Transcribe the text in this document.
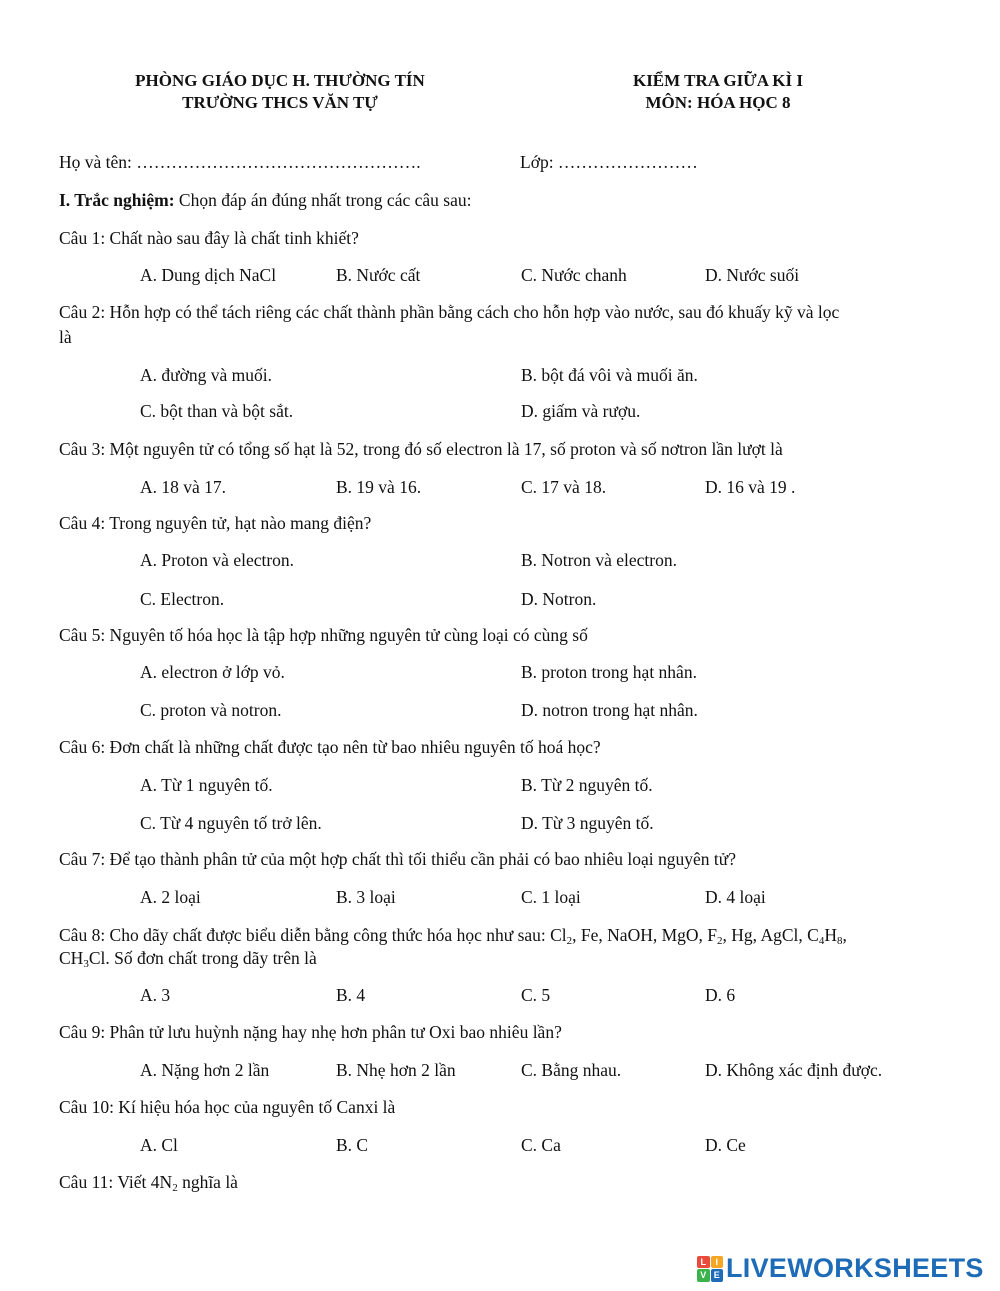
PHÒNG GIÁO DỤC H. THƯỜNG TÍN
TRƯỜNG THCS VĂN TỰ
KIỂM TRA GIỮA KÌ I
MÔN: HÓA HỌC 8
Họ và tên: ………………………………………….	Lớp: ……………………
I. Trắc nghiệm: Chọn đáp án đúng nhất trong các câu sau:
Câu 1: Chất nào sau đây là chất tinh khiết?
A. Dung dịch NaCl	B. Nước cất	C. Nước chanh	D. Nước suối
Câu 2: Hỗn hợp có thể tách riêng các chất thành phần bằng cách cho hỗn hợp vào nước, sau đó khuấy kỹ và lọc
là
A. đường và muối.	B. bột đá vôi và muối ăn.
C. bột than và bột sắt.	D. giấm và rượu.
Câu 3: Một nguyên tử có tổng số hạt là 52, trong đó số electron là 17, số proton và số nơtron lần lượt là
A. 18 và 17.	B. 19 và 16.	C. 17 và 18.	D. 16 và 19 .
Câu 4: Trong nguyên tử, hạt nào mang điện?
A. Proton và electron.	B. Notron và electron.
C. Electron.	D. Notron.
Câu 5: Nguyên tố hóa học là tập hợp những nguyên tử cùng loại có cùng số
A. electron ở lớp vỏ.	B. proton trong hạt nhân.
C. proton và notron.	D. notron trong hạt nhân.
Câu 6: Đơn chất là những chất được tạo nên từ bao nhiêu nguyên tố hoá học?
A. Từ 1 nguyên tố.	B. Từ 2 nguyên tố.
C. Từ 4 nguyên tố trở lên.	D. Từ 3 nguyên tố.
Câu 7: Để tạo thành phân tử của một hợp chất thì tối thiểu cần phải có bao nhiêu loại nguyên tử?
A. 2 loại	B. 3 loại	C. 1 loại	D. 4 loại
Câu 8: Cho dãy chất được biểu diễn bằng công thức hóa học như sau: $Cl_2$, Fe, NaOH, MgO, $F_2$, Hg, AgCl, $C_4H_8$,
$CH_3Cl$. Số đơn chất trong dãy trên là
A. 3	B. 4	C. 5	D. 6
Câu 9: Phân tử lưu huỳnh nặng hay nhẹ hơn phân tư Oxi bao nhiêu lần?
A. Nặng hơn 2 lần	B. Nhẹ hơn 2 lần	C. Bằng nhau.	D. Không xác định được.
Câu 10: Kí hiệu hóa học của nguyên tố Canxi là
A. Cl	B. C	C. Ca	D. Ce
Câu 11: Viết $4N_2$ nghĩa là
L	I
V E LIVEWORKSHEETS
